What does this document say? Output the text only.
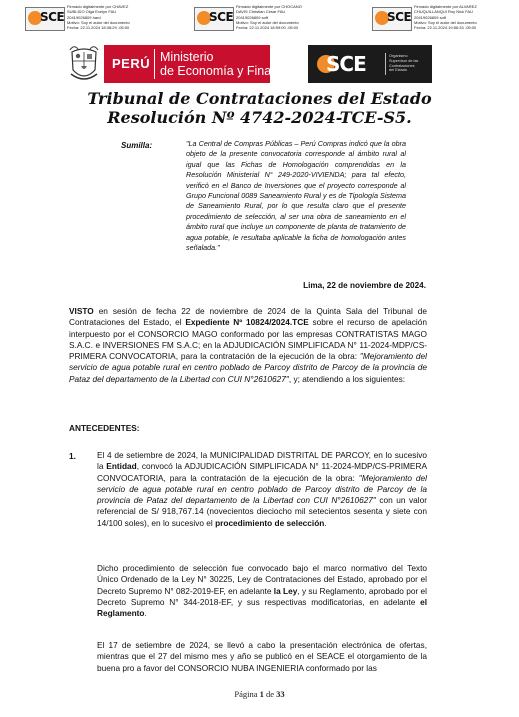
SCE
Firmado digitalmente por CHAVEZ
SUBLIDO Olga Evelyn FAU
20419026809 hard
Motivo: Soy el autor del documento
Fecha: 22.11.2024 18:38:29 -05:00
SCE
Firmado digitalmente por CHOCANO
DAVIS Christian César FAU
20419026809 soft
Motivo: Soy el autor del documento
Fecha: 22.11.2024 18:59:00 -05:00
SCE
Firmado digitalmente por ALVAREZ
CHUQUILLANQUI Roy Nick FAU
20419026809 soft
Motivo: Soy el autor del documento
Fecha: 22.11.2024 19:56:33 -05:00
PERÚ Ministerio
de Economía y Finanzas	SCE	Organismo
Supervisor de las
Contrataciones
del Estado
Tribunal de Contrataciones del Estado
Resolución Nº 4742-2024-TCE-S5.
Sumilla:	"La Central de Compras Públicas – Perú Compras indicó que la obra objeto de la presente convocatoria corresponde al ámbito rural al igual que las Fichas de Homologación comprendidas en la Resolución Ministerial N° 249-2020-VIVIENDA; para tal efecto, verificó en el Banco de Inversiones que el proyecto corresponde al Grupo Funcional 0089 Saneamiento Rural y es de Tipología Sistema de Saneamiento Rural, por lo que resulta claro que el presente procedimiento de selección, al ser una obra de saneamiento en el ámbito rural que incluye un componente de planta de tratamiento de agua potable, le resultaba aplicable la ficha de homologación antes señalada."
Lima, 22 de noviembre de 2024.
VISTO en sesión de fecha 22 de noviembre de 2024 de la Quinta Sala del Tribunal de Contrataciones del Estado, el Expediente Nº 10824/2024.TCE sobre el recurso de apelación interpuesto por el CONSORCIO MAGO conformado por las empresas CONTRATISTAS MAGO S.A.C. e INVERSIONES FM S.A.C; en la ADJUDICACIÓN SIMPLIFICADA N° 11-2024-MDP/CS-PRIMERA CONVOCATORIA, para la contratación de la ejecución de la obra: "Mejoramiento del servicio de agua potable rural en centro poblado de Parcoy distrito de Parcoy de la provincia de Pataz del departamento de la Libertad con CUI N°2610627", y; atendiendo a los siguientes:
ANTECEDENTES:
1.	El 4 de setiembre de 2024, la MUNICIPALIDAD DISTRITAL DE PARCOY, en lo sucesivo la Entidad, convocó la ADJUDICACIÓN SIMPLIFICADA N° 11-2024-MDP/CS-PRIMERA CONVOCATORIA, para la contratación de la ejecución de la obra: "Mejoramiento del servicio de agua potable rural en centro poblado de Parcoy distrito de Parcoy de la provincia de Pataz del departamento de la Libertad con CUI N°2610627" con un valor referencial de S/ 918,767.14 (novecientos dieciocho mil setecientos sesenta y siete con 14/100 soles), en lo sucesivo el procedimiento de selección.
Dicho procedimiento de selección fue convocado bajo el marco normativo del Texto Único Ordenado de la Ley N° 30225, Ley de Contrataciones del Estado, aprobado por el Decreto Supremo N° 082-2019-EF, en adelante la Ley, y su Reglamento, aprobado por el Decreto Supremo N° 344-2018-EF, y sus respectivas modificatorias, en adelante el Reglamento.
El 17 de setiembre de 2024, se llevó a cabo la presentación electrónica de ofertas, mientras que el 27 del mismo mes y año se publicó en el SEACE el otorgamiento de la buena pro a favor del CONSORCIO NUBA INGENIERIA conformado por las
Página 1 de 33
